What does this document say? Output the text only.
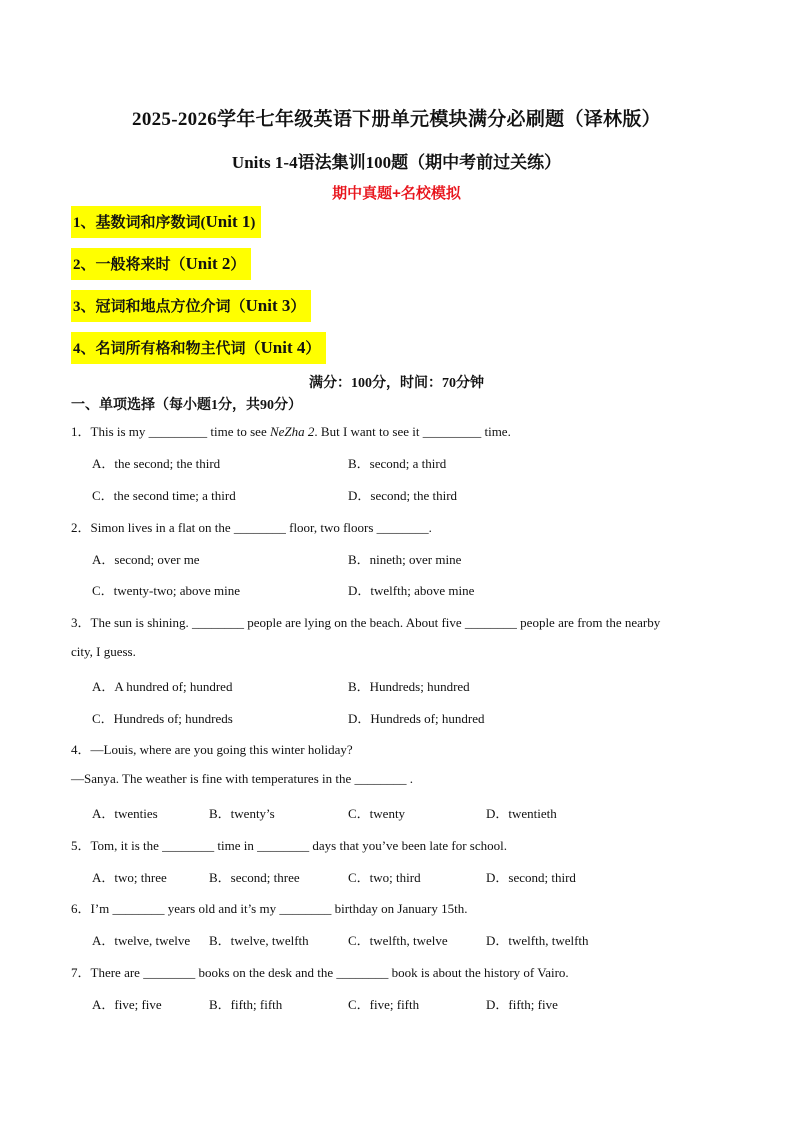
2025-2026学年七年级英语下册单元模块满分必刷题（译林版）
Units 1-4语法集训100题（期中考前过关练）
期中真题+名校模拟
1、基数词和序数词(Unit 1)
2、一般将来时（Unit 2）
3、冠词和地点方位介词（Unit 3）
4、名词所有格和物主代词（Unit 4）
满分：100分，时间：70分钟
一、单项选择（每小题1分，共90分）
1．This is my _________ time to see NeZha 2. But I want to see it _________ time.
A．the second; the third	B．second; a third
C．the second time; a third	D．second; the third
2．Simon lives in a flat on the ________ floor, two floors ________.
A．second; over me	B．nineth; over mine
C．twenty-two; above mine	D．twelfth; above mine
3．The sun is shining. ________ people are lying on the beach. About five ________ people are from the nearby
city, I guess.
A．A hundred of; hundred	B．Hundreds; hundred
C．Hundreds of; hundreds	D．Hundreds of; hundred
4．—Louis, where are you going this winter holiday?
—Sanya. The weather is fine with temperatures in the ________ .
A．twenties	B．twenty’s	C．twenty	D．twentieth
5．Tom, it is the ________ time in ________ days that you’ve been late for school.
A．two; three	B．second; three	C．two; third	D．second; third
6．I’m ________ years old and it’s my ________ birthday on January 15th.
A．twelve, twelve B．twelve, twelfth	C．twelfth, twelve	D．twelfth, twelfth
7．There are ________ books on the desk and the ________ book is about the history of Vairo.
A．five; five	B．fifth; fifth	C．five; fifth	D．fifth; five
